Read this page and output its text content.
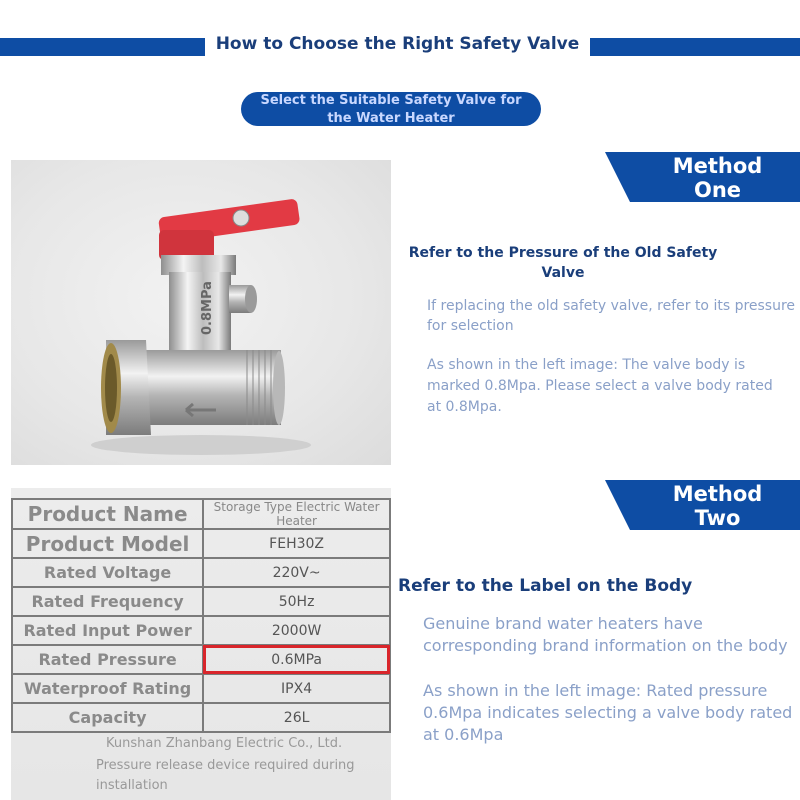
How to Choose the Right Safety Valve
Select the Suitable Safety Valve for
the Water Heater
Method
One
0.8MPa
Refer to the Pressure of the Old Safety
Valve
If replacing the old safety valve, refer to its pressure for selection
As shown in the left image: The valve body is marked 0.8Mpa. Please select a valve body rated at 0.8Mpa.
Method
Two
Product Name	Storage Type Electric Water Heater
Product Model	FEH30Z
Rated Voltage	220V~
Rated Frequency	50Hz
Rated Input Power	2000W
Rated Pressure	0.6MPa
Waterproof Rating	IPX4
Capacity	26L
Kunshan Zhanbang Electric Co., Ltd.
Pressure release device required during installation
Refer to the Label on the Body
Genuine brand water heaters have corresponding brand information on the body
As shown in the left image: Rated pressure 0.6Mpa indicates selecting a valve body rated at 0.6Mpa
